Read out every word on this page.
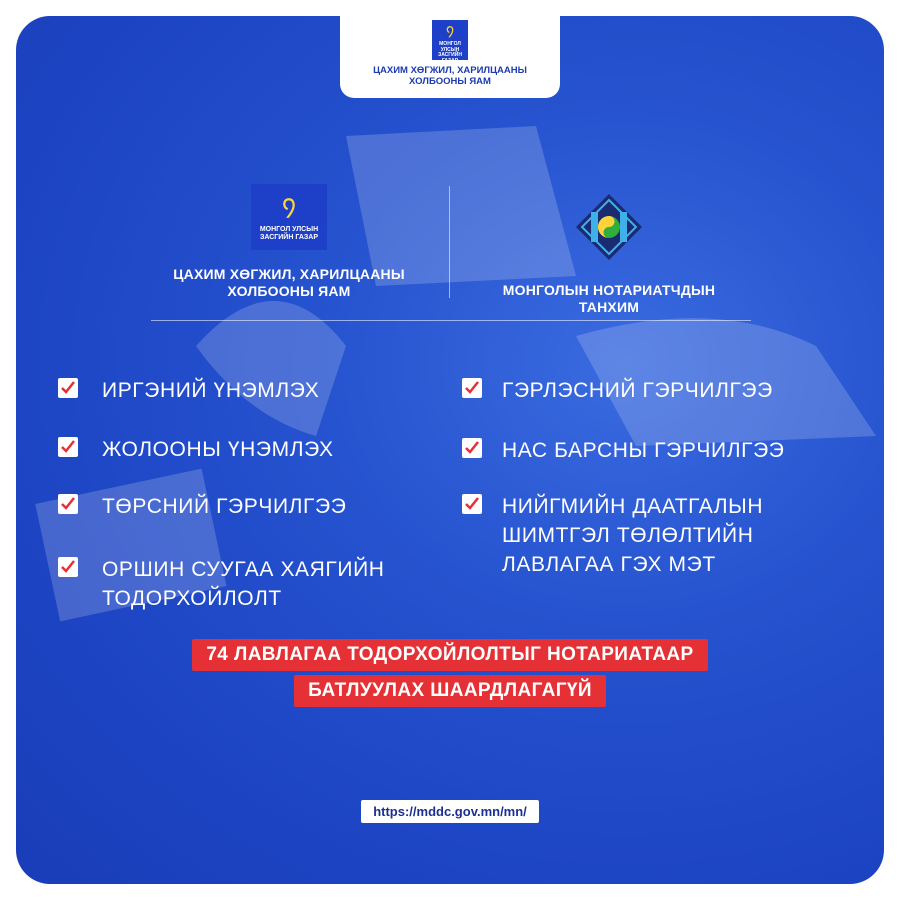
᠀
МОНГОЛ УЛСЫН ЗАСГИЙН ГАЗАР
ЦАХИМ ХӨГЖИЛ, ХАРИЛЦААНЫ
ХОЛБООНЫ ЯАМ
᠀
МОНГОЛ УЛСЫН
ЗАСГИЙН ГАЗАР
ЦАХИМ ХӨГЖИЛ, ХАРИЛЦААНЫ
ХОЛБООНЫ ЯАМ	МОНГОЛЫН НОТАРИАТЧДЫН
ТАНХИМ
ИРГЭНИЙ ҮНЭМЛЭХ
ЖОЛООНЫ ҮНЭМЛЭХ
ТӨРСНИЙ ГЭРЧИЛГЭЭ
ОРШИН СУУГАА ХАЯГИЙН
ТОДОРХОЙЛОЛТ
ГЭРЛЭСНИЙ ГЭРЧИЛГЭЭ
НАС БАРСНЫ ГЭРЧИЛГЭЭ
НИЙГМИЙН ДААТГАЛЫН
ШИМТГЭЛ ТӨЛӨЛТИЙН
ЛАВЛАГАА ГЭХ МЭТ
74 ЛАВЛАГАА ТОДОРХОЙЛОЛТЫГ НОТАРИАТААР
БАТЛУУЛАХ ШААРДЛАГАГҮЙ
https://mddc.gov.mn/mn/
